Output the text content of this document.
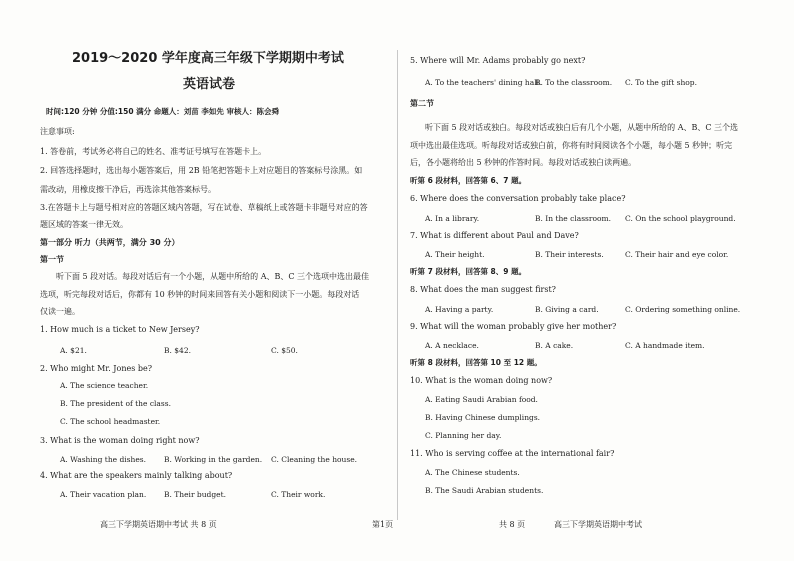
2019～2020 学年度高三年级下学期期中考试
英语试卷
时间:120 分钟 分值:150 满分 命题人：刘苗 李如先 审核人：陈会舜
注意事项:
1. 答卷前，考试务必将自己的姓名、准考证号填写在答题卡上。
2. 回答选择题时，选出每小题答案后，用 2B 铅笔把答题卡上对应题目的答案标号涂黑。如
需改动，用橡皮擦干净后，再选涂其他答案标号。
3.在答题卡上与题号相对应的答题区域内答题，写在试卷、草稿纸上或答题卡非题号对应的答
题区域的答案一律无效。
第一部分 听力（共两节，满分 30 分）
第一节
听下面 5 段对话。每段对话后有一个小题，从题中所给的 A、B、C 三个选项中选出最佳
选项，听完每段对话后，你都有 10 秒钟的时间来回答有关小题和阅读下一小题。每段对话
仅读一遍。
1. How much is a ticket to New Jersey?
A. $21.	B. $42.	C. $50.
2. Who might Mr. Jones be?
A. The science teacher.
B. The president of the class.
C. The school headmaster.
3. What is the woman doing right now?
A. Washing the dishes. B. Working in the garden. C. Cleaning the house.
4. What are the speakers mainly talking about?
A. Their vacation plan. B. Their budget.	C. Their work.
高三下学期英语期中考试 共 8 页	第1页
5. Where will Mr. Adams probably go next?
A. To the teachers' dining hall.
B. To the classroom. C. To the gift shop.
第二节
听下面 5 段对话或独白。每段对话或独白后有几个小题，从题中所给的 A、B、C 三个选
项中选出最佳选项。听每段对话或独白前，你将有时间阅读各个小题，每小题 5 秒钟；听完
后，各小题将给出 5 秒钟的作答时间。每段对话或独白读两遍。
听第 6 段材料，回答第 6、7 题。
6. Where does the conversation probably take place?
A. In a library.	B. In the classroom. C. On the school playground.
7. What is different about Paul and Dave?
A. Their height.	B. Their interests.	C. Their hair and eye color.
听第 7 段材料，回答第 8、9 题。
8. What does the man suggest first?
A. Having a party.	B. Giving a card.	C. Ordering something online.
9. What will the woman probably give her mother?
A. A necklace.	B. A cake.	C. A handmade item.
听第 8 段材料，回答第 10 至 12 题。
10. What is the woman doing now?
A. Eating Saudi Arabian food.
B. Having Chinese dumplings.
C. Planning her day.
11. Who is serving coffee at the international fair?
A. The Chinese students.
B. The Saudi Arabian students.
共 8 页	高三下学期英语期中考试
